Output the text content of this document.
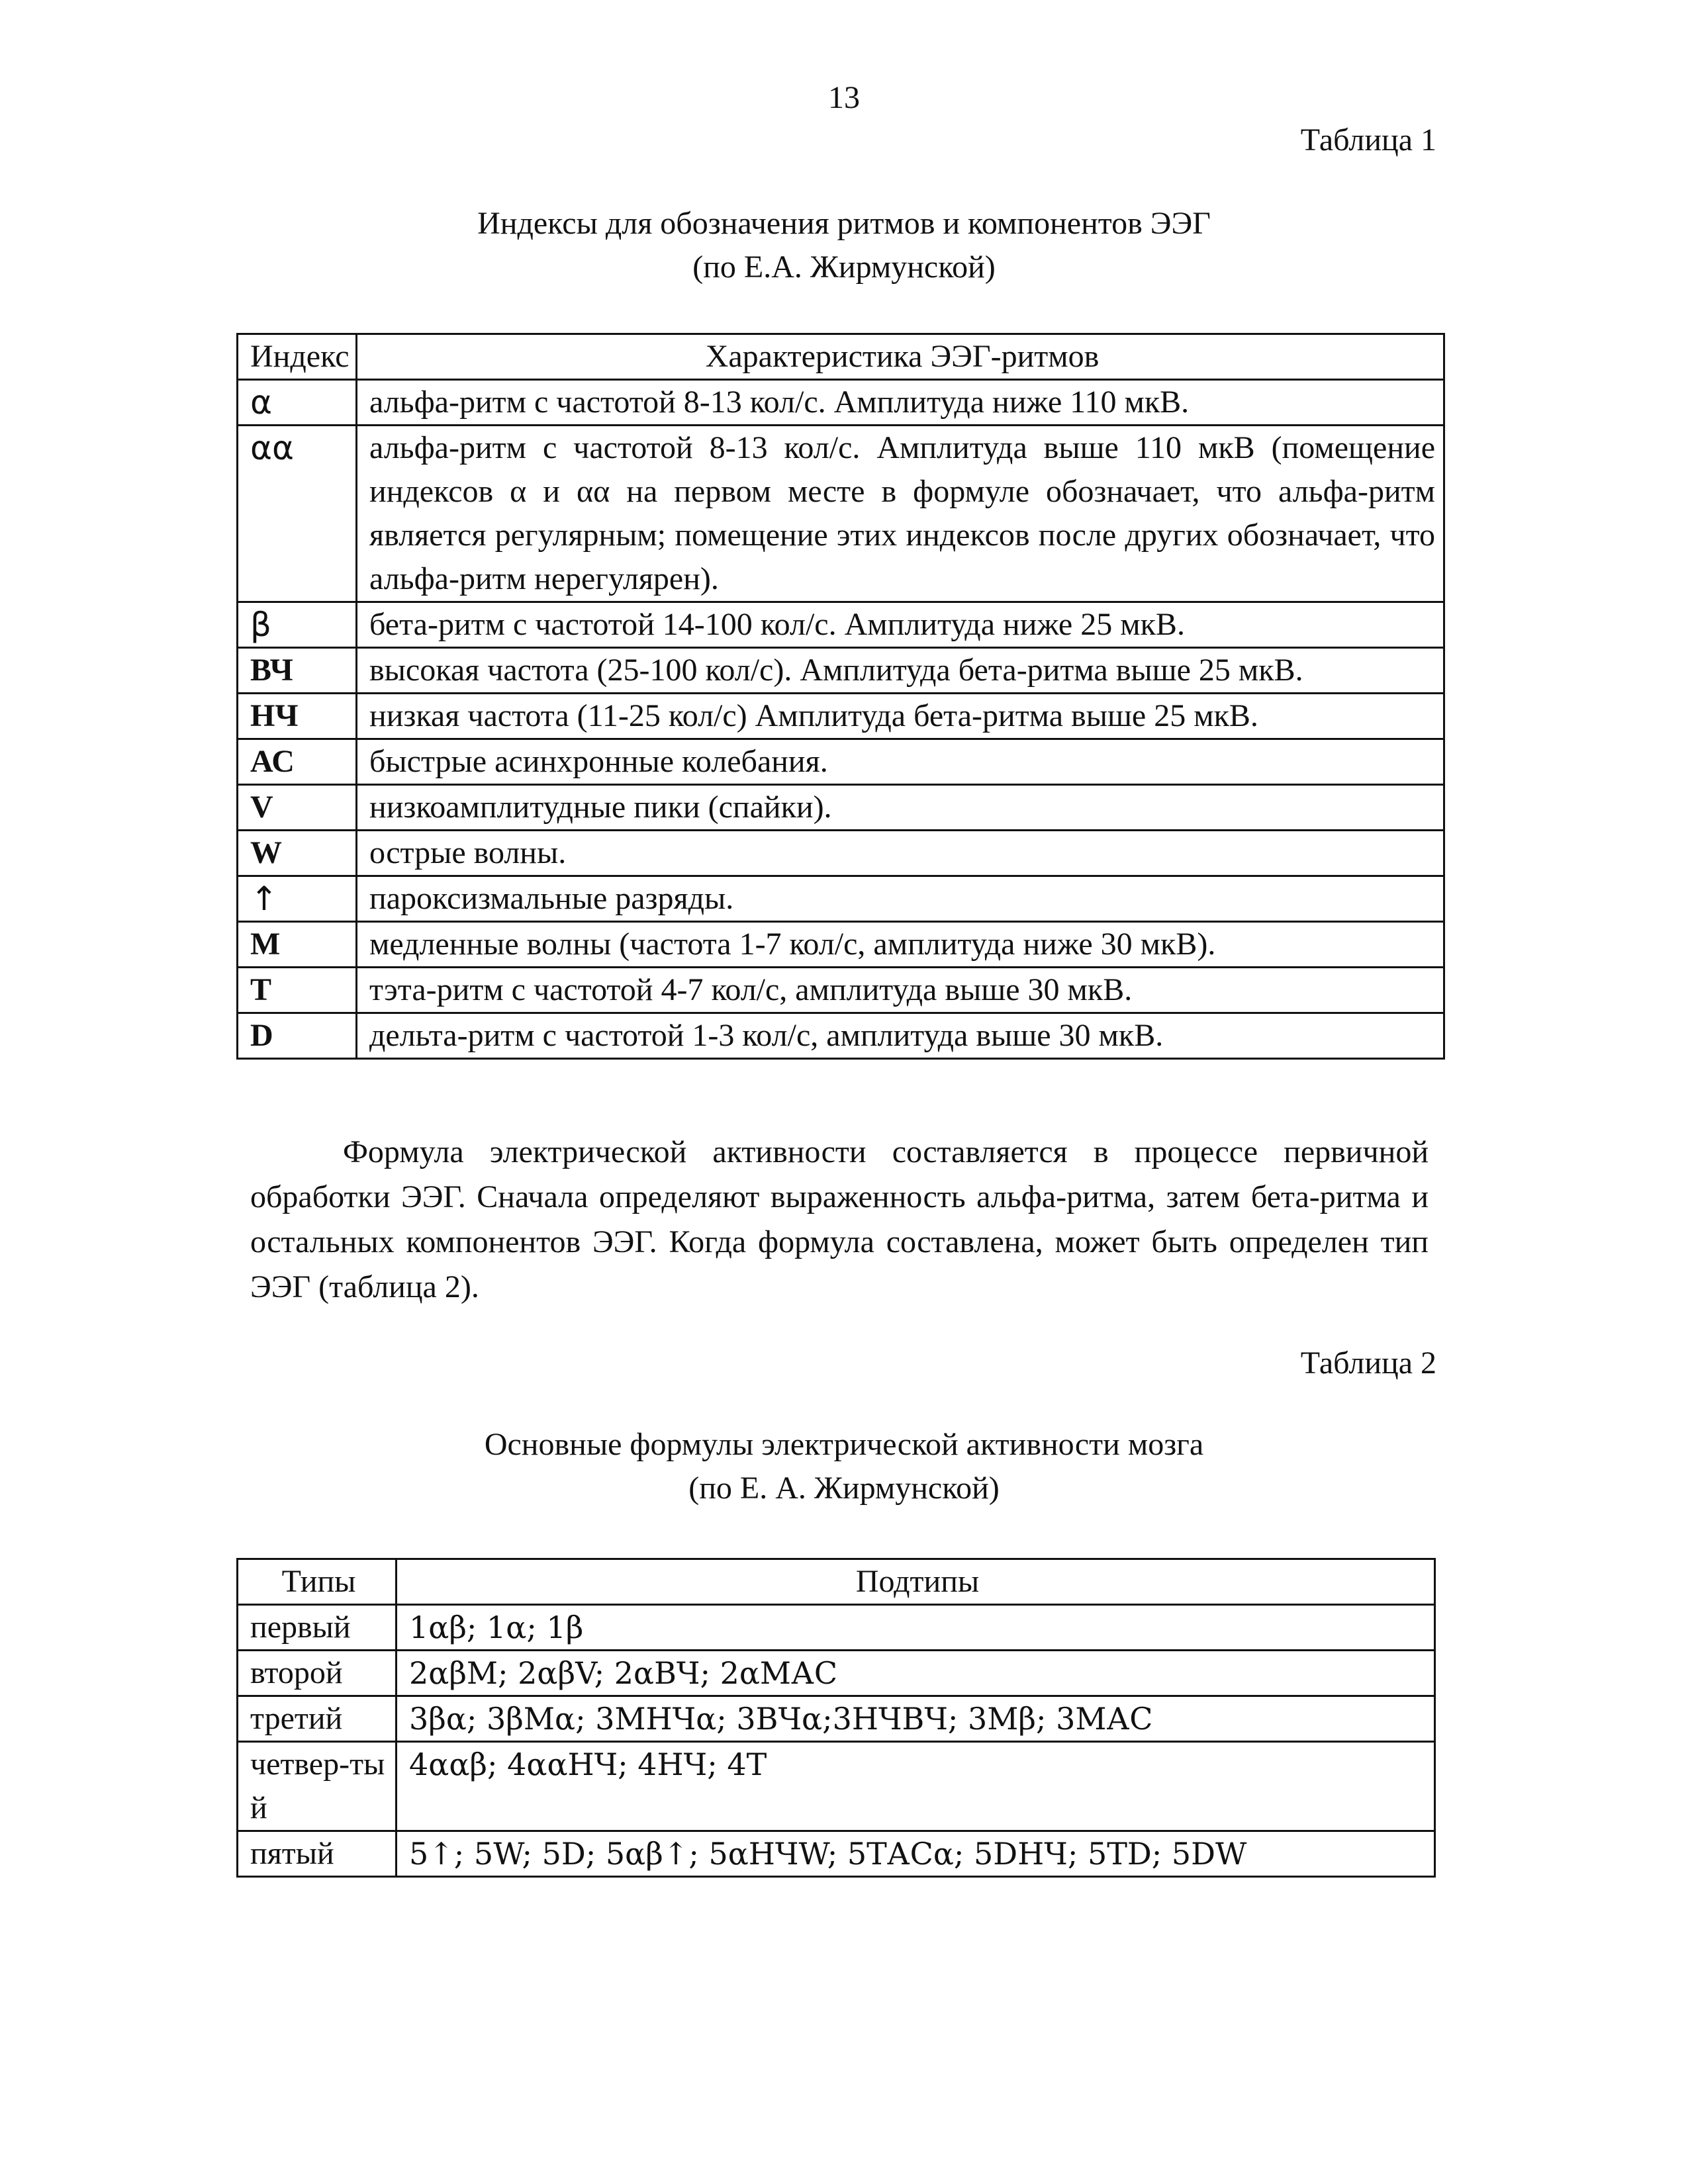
13
Таблица 1
Индексы для обозначения ритмов и компонентов ЭЭГ
(по Е.А. Жирмунской)
Индекс	Характеристика ЭЭГ-ритмов
α	альфа-ритм с частотой 8-13 кол/с. Амплитуда ниже 110 мкВ.
αα	альфа-ритм с частотой 8-13 кол/с. Амплитуда выше 110 мкВ (помещение индексов α и αα на первом месте в формуле обозначает, что альфа-ритм является регулярным; помещение этих индексов после других обозначает, что альфа-ритм нерегулярен).
β	бета-ритм с частотой 14-100 кол/с. Амплитуда ниже 25 мкВ.
ВЧ	высокая частота (25-100 кол/с). Амплитуда бета-ритма выше 25 мкВ.
НЧ	низкая частота (11-25 кол/с) Амплитуда бета-ритма выше 25 мкВ.
АС	быстрые асинхронные колебания.
V	низкоамплитудные пики (спайки).
W	острые волны.
↑	пароксизмальные разряды.
М	медленные волны (частота 1-7 кол/с, амплитуда ниже 30 мкВ).
Т	тэта-ритм с частотой 4-7 кол/с, амплитуда выше 30 мкВ.
D	дельта-ритм с частотой 1-3 кол/с, амплитуда выше 30 мкВ.

Формула электрической активности составляется в процессе первичной обработки ЭЭГ. Сначала определяют выраженность альфа-ритма, затем бета-ритма и остальных компонентов ЭЭГ. Когда формула составлена, может быть определен тип ЭЭГ (таблица 2).

Таблица 2
Основные формулы электрической активности мозга
(по Е. А. Жирмунской)
Типы	Подтипы
первый	1αβ; 1α; 1β
второй	2αβМ; 2αβV; 2αВЧ; 2αМАС
третий	3βα; 3βМα; 3МНЧα; 3ВЧα;3НЧВЧ; 3Мβ; 3МАС
четвер-тый	4ααβ; 4ααНЧ; 4НЧ; 4Т
пятый	5↑; 5W; 5D; 5αβ↑; 5αНЧW; 5ТАСα; 5DНЧ; 5ТD; 5DW
